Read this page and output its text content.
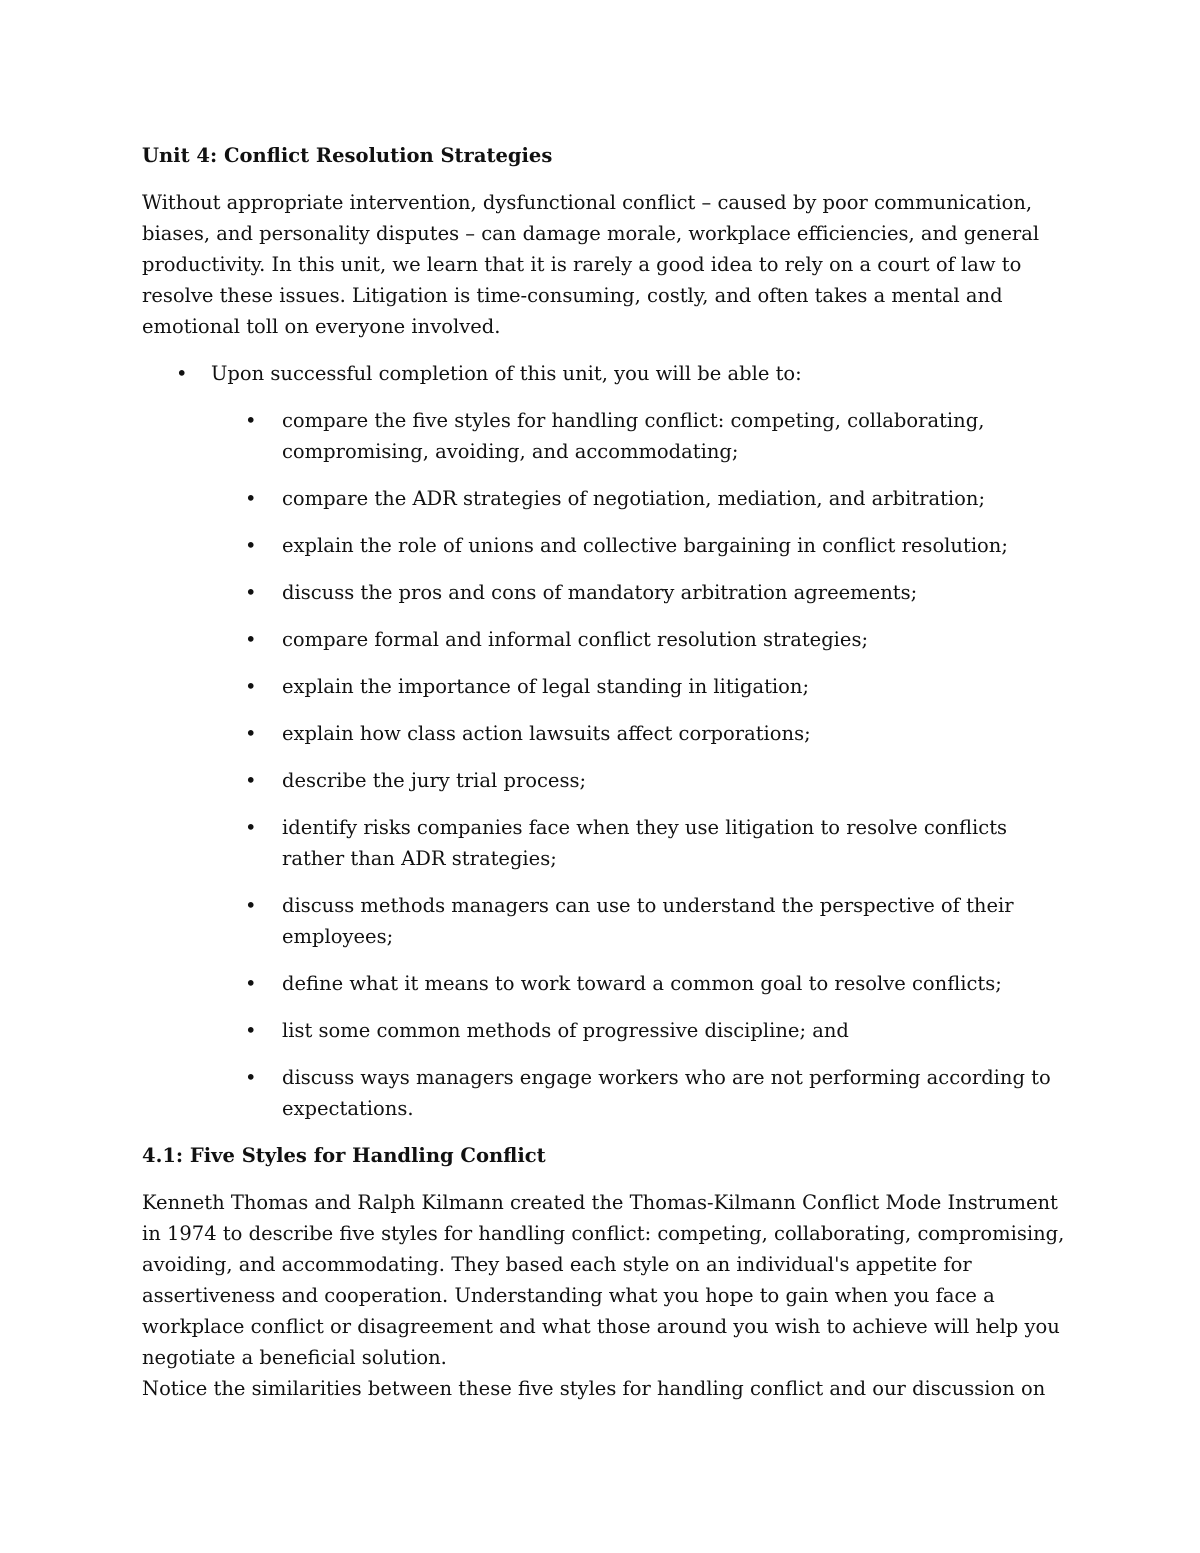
Unit 4: Conflict Resolution Strategies

Without appropriate intervention, dysfunctional conflict – caused by poor communication, biases, and personality disputes – can damage morale, workplace efficiencies, and general productivity. In this unit, we learn that it is rarely a good idea to rely on a court of law to resolve these issues. Litigation is time-consuming, costly, and often takes a mental and emotional toll on everyone involved.

• Upon successful completion of this unit, you will be able to:
• compare the five styles for handling conflict: competing, collaborating, compromising, avoiding, and accommodating;
• compare the ADR strategies of negotiation, mediation, and arbitration;
• explain the role of unions and collective bargaining in conflict resolution;
• discuss the pros and cons of mandatory arbitration agreements;
• compare formal and informal conflict resolution strategies;
• explain the importance of legal standing in litigation;
• explain how class action lawsuits affect corporations;
• describe the jury trial process;
• identify risks companies face when they use litigation to resolve conflicts rather than ADR strategies;
• discuss methods managers can use to understand the perspective of their employees;
• define what it means to work toward a common goal to resolve conflicts;
• list some common methods of progressive discipline; and
• discuss ways managers engage workers who are not performing according to expectations.
4.1: Five Styles for Handling Conflict

Kenneth Thomas and Ralph Kilmann created the Thomas-Kilmann Conflict Mode Instrument in 1974 to describe five styles for handling conflict: competing, collaborating, compromising, avoiding, and accommodating. They based each style on an individual's appetite for assertiveness and cooperation. Understanding what you hope to gain when you face a workplace conflict or disagreement and what those around you wish to achieve will help you negotiate a beneficial solution.

Notice the similarities between these five styles for handling conflict and our discussion on
